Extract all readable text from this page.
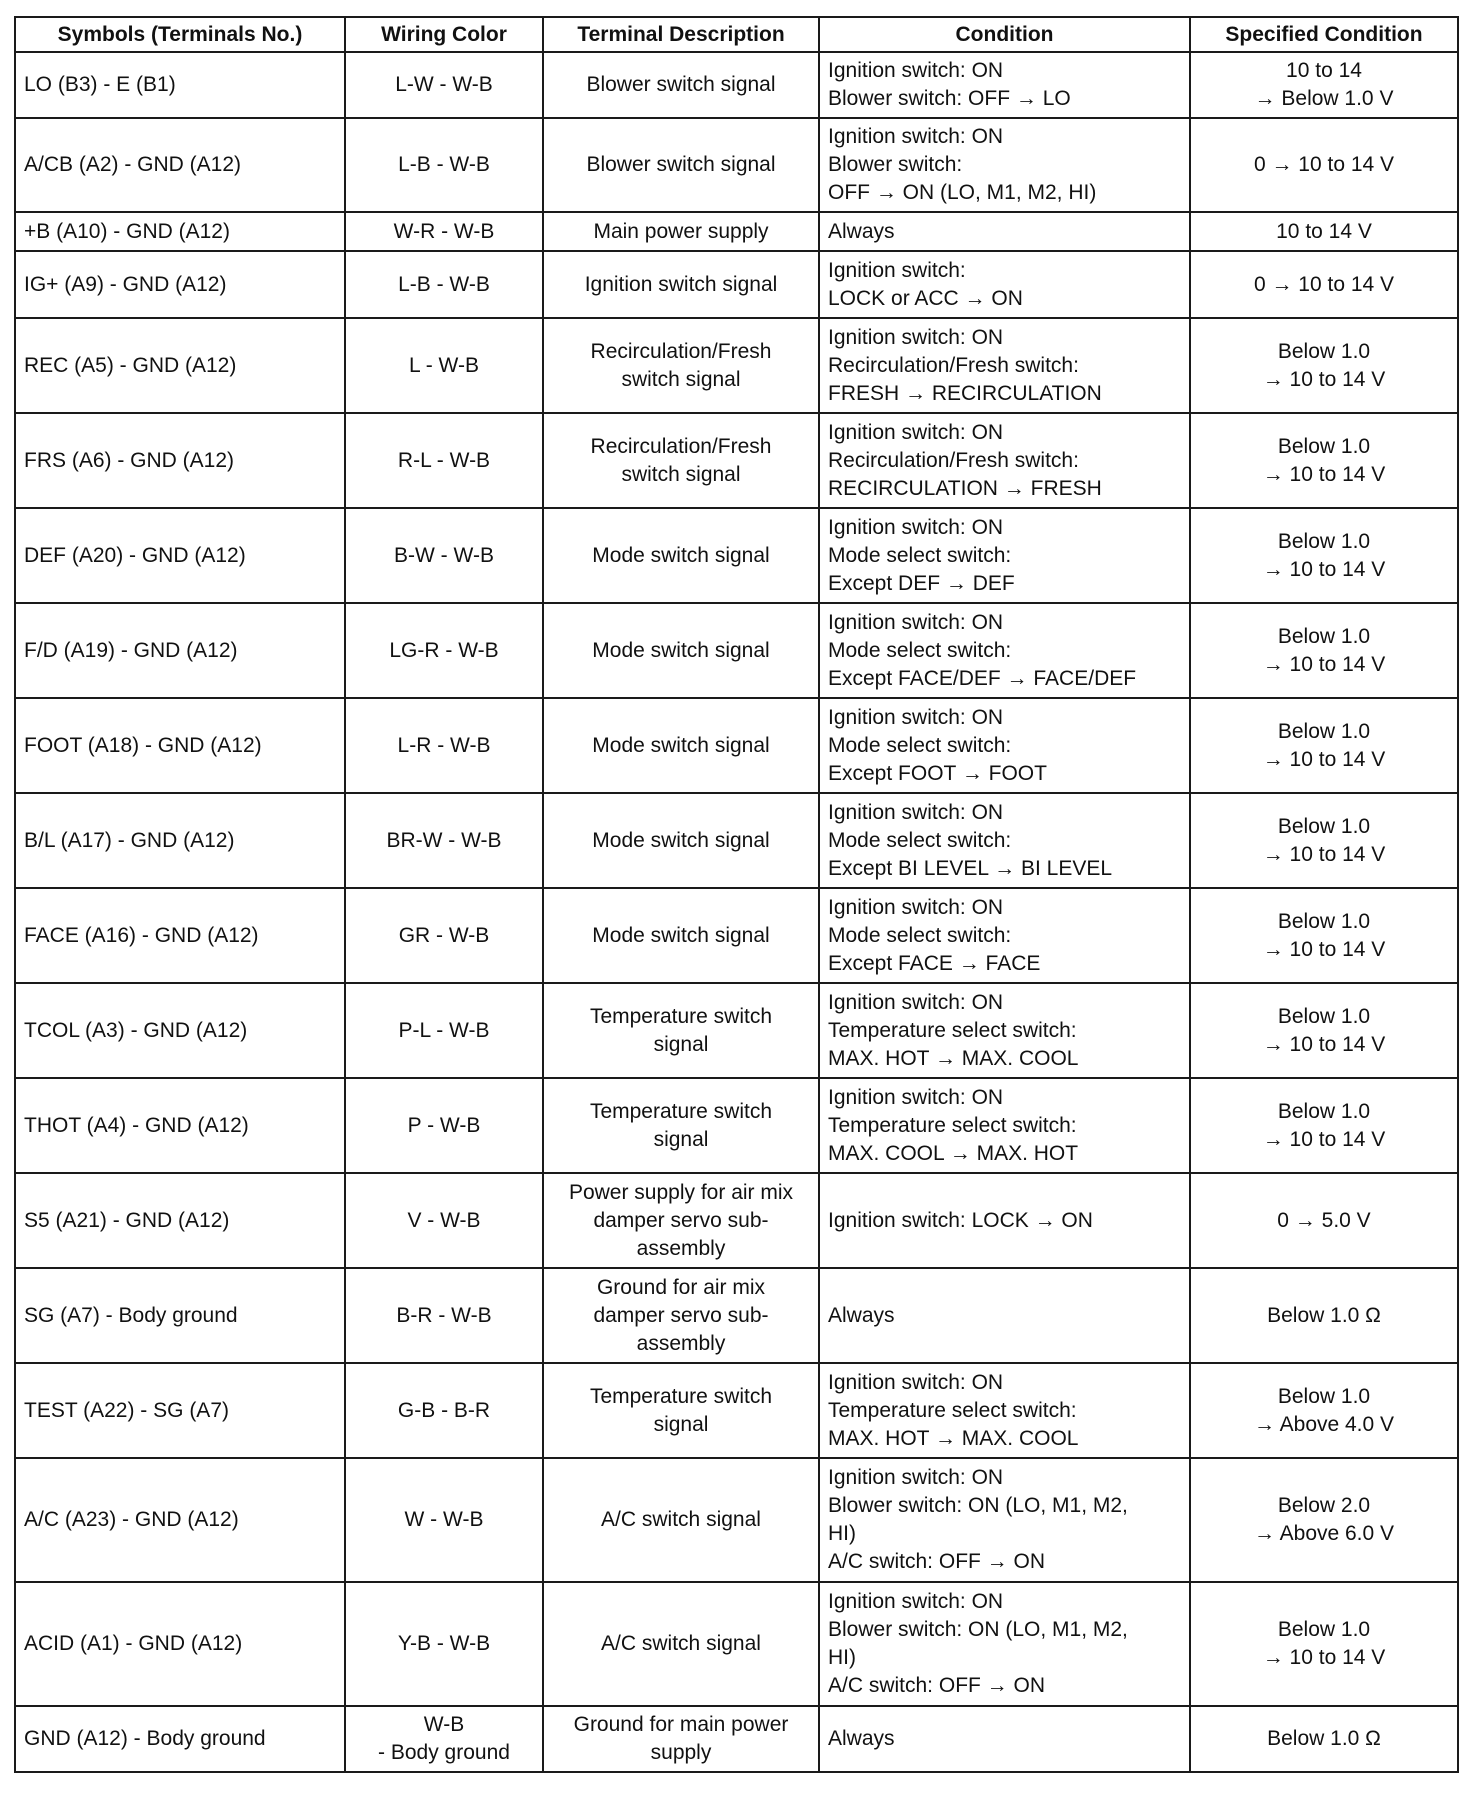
Symbols (Terminals No.)	Wiring Color	Terminal Description	Condition	Specified Condition
LO (B3) - E (B1)	L-W - W-B	Blower switch signal	Ignition switch: ON
Blower switch: OFF → LO	10 to 14
→ Below 1.0 V
A/CB (A2) - GND (A12)	L-B - W-B	Blower switch signal	Ignition switch: ON
Blower switch:
OFF → ON (LO, M1, M2, HI)	0 → 10 to 14 V
+B (A10) - GND (A12)	W-R - W-B	Main power supply	Always	10 to 14 V
IG+ (A9) - GND (A12)	L-B - W-B	Ignition switch signal	Ignition switch:
LOCK or ACC → ON	0 → 10 to 14 V
REC (A5) - GND (A12)	L - W-B	Recirculation/Fresh
switch signal	Ignition switch: ON
Recirculation/Fresh switch:
FRESH → RECIRCULATION	Below 1.0
→ 10 to 14 V
FRS (A6) - GND (A12)	R-L - W-B	Recirculation/Fresh
switch signal	Ignition switch: ON
Recirculation/Fresh switch:
RECIRCULATION → FRESH	Below 1.0
→ 10 to 14 V
DEF (A20) - GND (A12)	B-W - W-B	Mode switch signal	Ignition switch: ON
Mode select switch:
Except DEF → DEF	Below 1.0
→ 10 to 14 V
F/D (A19) - GND (A12)	LG-R - W-B	Mode switch signal	Ignition switch: ON
Mode select switch:
Except FACE/DEF → FACE/DEF	Below 1.0
→ 10 to 14 V
FOOT (A18) - GND (A12)	L-R - W-B	Mode switch signal	Ignition switch: ON
Mode select switch:
Except FOOT → FOOT	Below 1.0
→ 10 to 14 V
B/L (A17) - GND (A12)	BR-W - W-B	Mode switch signal	Ignition switch: ON
Mode select switch:
Except BI LEVEL → BI LEVEL	Below 1.0
→ 10 to 14 V
FACE (A16) - GND (A12)	GR - W-B	Mode switch signal	Ignition switch: ON
Mode select switch:
Except FACE → FACE	Below 1.0
→ 10 to 14 V
TCOL (A3) - GND (A12)	P-L - W-B	Temperature switch
signal	Ignition switch: ON
Temperature select switch:
MAX. HOT → MAX. COOL	Below 1.0
→ 10 to 14 V
THOT (A4) - GND (A12)	P - W-B	Temperature switch
signal	Ignition switch: ON
Temperature select switch:
MAX. COOL → MAX. HOT	Below 1.0
→ 10 to 14 V
S5 (A21) - GND (A12)	V - W-B	Power supply for air mix
damper servo sub-
assembly	Ignition switch: LOCK → ON	0 → 5.0 V
SG (A7) - Body ground	B-R - W-B	Ground for air mix
damper servo sub-
assembly	Always	Below 1.0 Ω
TEST (A22) - SG (A7)	G-B - B-R	Temperature switch
signal	Ignition switch: ON
Temperature select switch:
MAX. HOT → MAX. COOL	Below 1.0
→ Above 4.0 V
A/C (A23) - GND (A12)	W - W-B	A/C switch signal	Ignition switch: ON
Blower switch: ON (LO, M1, M2,
HI)
A/C switch: OFF → ON	Below 2.0
→ Above 6.0 V
ACID (A1) - GND (A12)	Y-B - W-B	A/C switch signal	Ignition switch: ON
Blower switch: ON (LO, M1, M2,
HI)
A/C switch: OFF → ON	Below 1.0
→ 10 to 14 V
GND (A12) - Body ground	W-B
- Body ground	Ground for main power
supply	Always	Below 1.0 Ω
